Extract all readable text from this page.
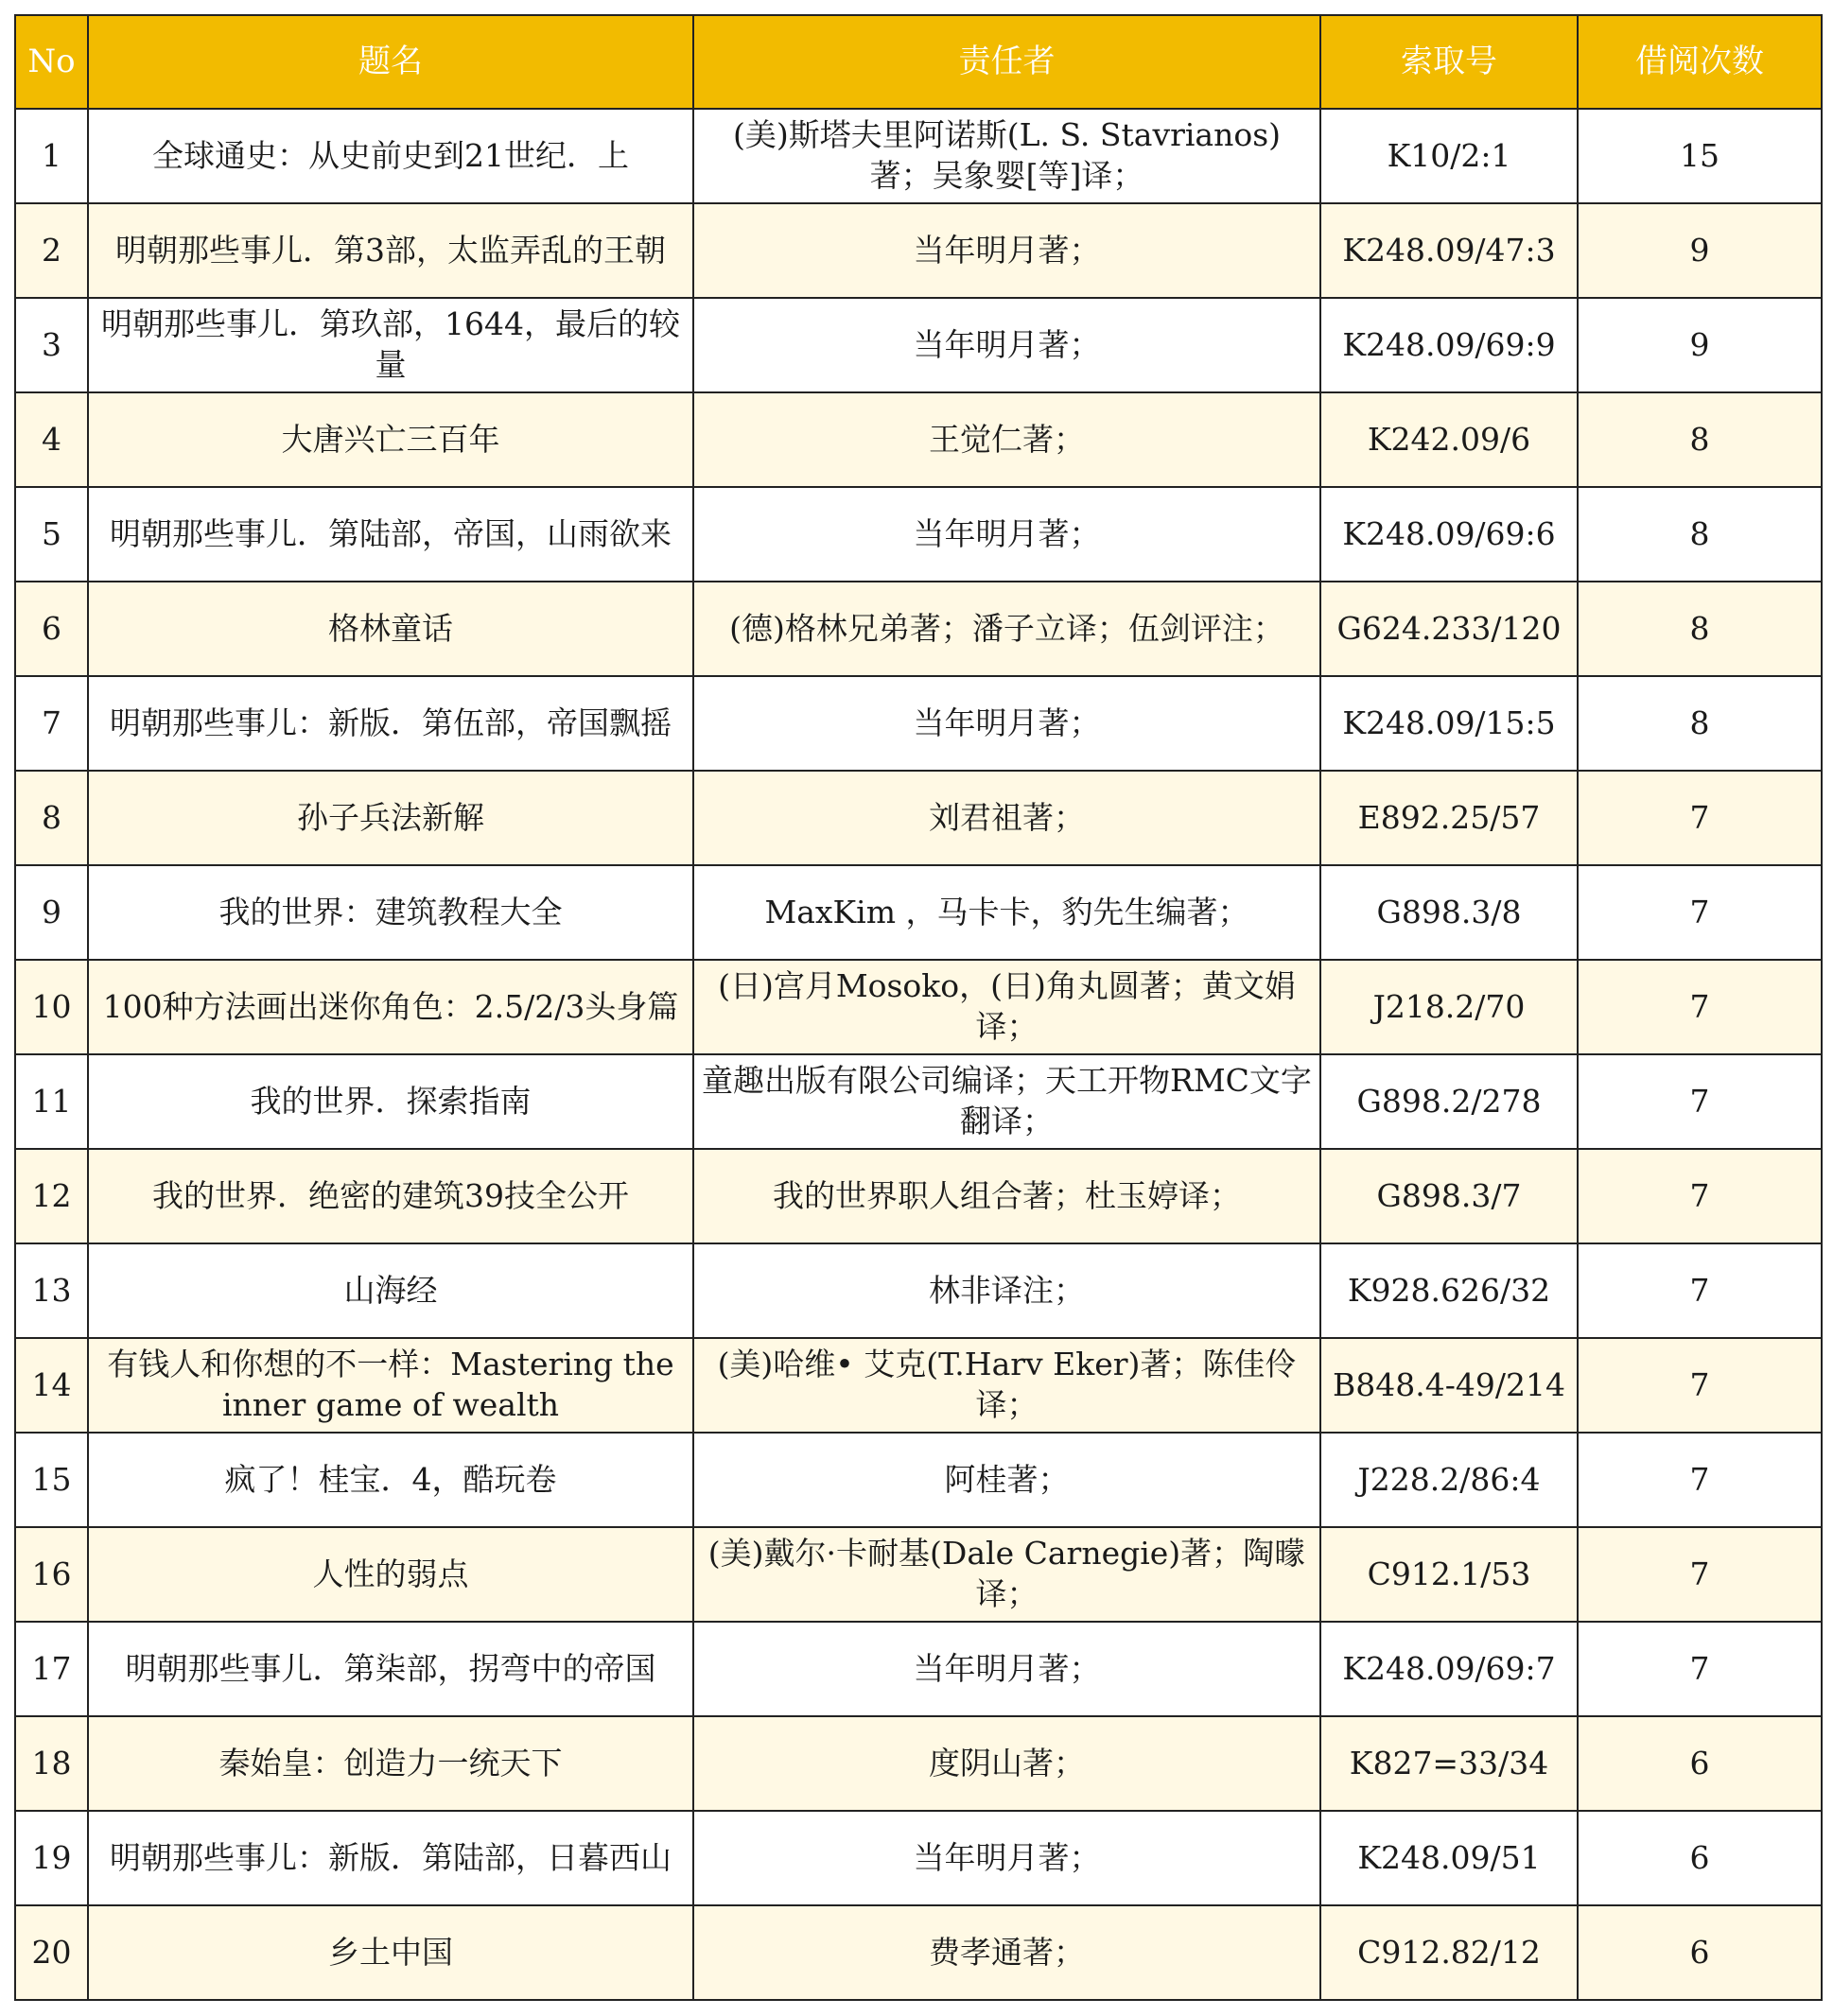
No	题名	责任者	索取号	借阅次数
1	全球通史：从史前史到21世纪．上	(美)斯塔夫里阿诺斯(L. S. Stavrianos)著；吴象婴[等]译；	K10/2:1	15
2	明朝那些事儿．第3部，太监弄乱的王朝	当年明月著；	K248.09/47:3	9
3	明朝那些事儿．第玖部，1644，最后的较量	当年明月著；	K248.09/69:9	9
4	大唐兴亡三百年	王觉仁著；	K242.09/6	8
5	明朝那些事儿．第陆部，帝国，山雨欲来	当年明月著；	K248.09/69:6	8
6	格林童话	(德)格林兄弟著；潘子立译；伍剑评注；	G624.233/120	8
7	明朝那些事儿：新版．第伍部，帝国飘摇	当年明月著；	K248.09/15:5	8
8	孙子兵法新解	刘君祖著；	E892.25/57	7
9	我的世界：建筑教程大全	MaxKim ，马卡卡，豹先生编著；	G898.3/8	7
10	100种方法画出迷你角色：2.5/2/3头身篇	(日)宫月Mosoko，(日)角丸圆著；黄文娟译；	J218.2/70	7
11	我的世界．探索指南	童趣出版有限公司编译；天工开物RMC文字翻译；	G898.2/278	7
12	我的世界．绝密的建筑39技全公开	我的世界职人组合著；杜玉婷译；	G898.3/7	7
13	山海经	林非译注；	K928.626/32	7
14	有钱人和你想的不一样：Mastering the inner game of wealth	(美)哈维• 艾克(T.Harv Eker)著；陈佳伶译；	B848.4-49/214	7
15	疯了！桂宝．4，酷玩卷	阿桂著；	J228.2/86:4	7
16	人性的弱点	(美)戴尔·卡耐基(Dale Carnegie)著；陶曚译；	C912.1/53	7
17	明朝那些事儿．第柒部，拐弯中的帝国	当年明月著；	K248.09/69:7	7
18	秦始皇：创造力一统天下	度阴山著；	K827=33/34	6
19	明朝那些事儿：新版．第陆部，日暮西山	当年明月著；	K248.09/51	6
20	乡土中国	费孝通著；	C912.82/12	6
